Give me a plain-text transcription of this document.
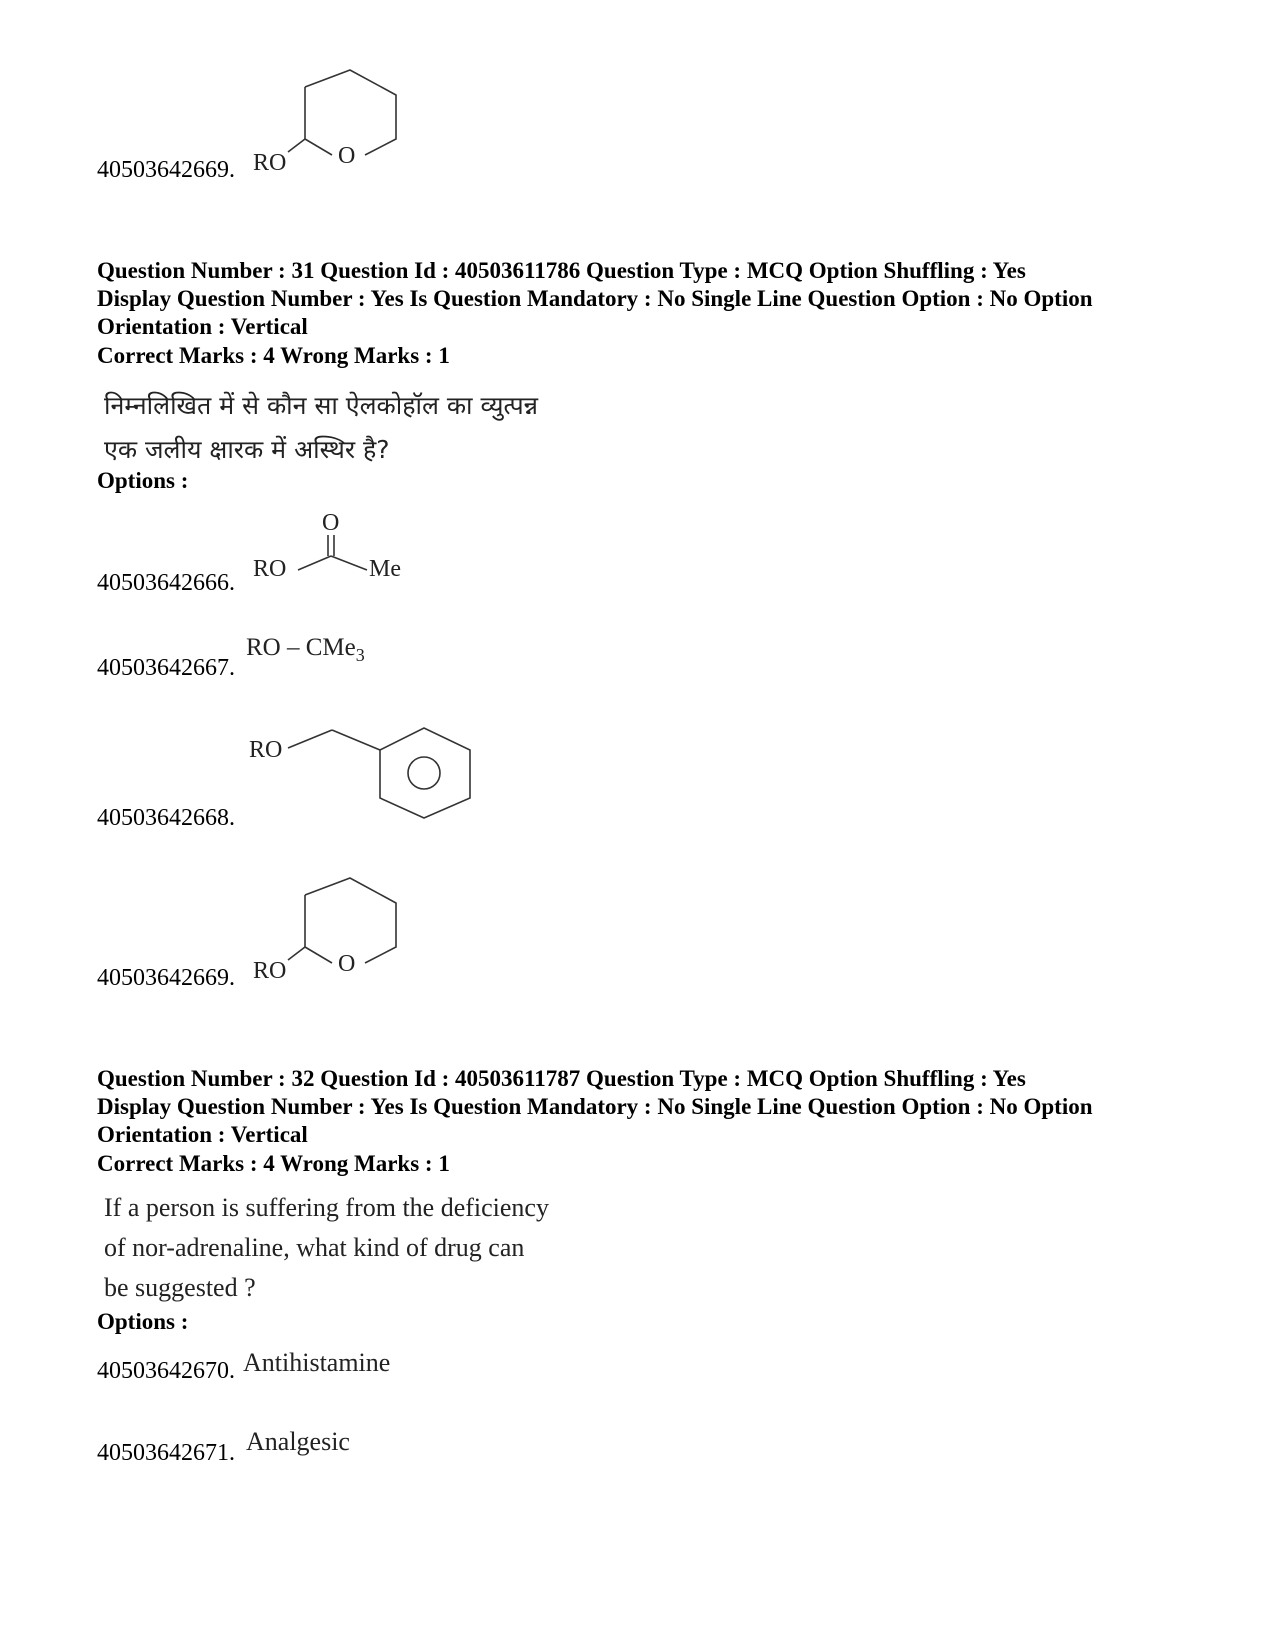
40503642669.
O
RO
Question Number : 31 Question Id : 40503611786 Question Type : MCQ Option Shuffling : Yes
Display Question Number : Yes Is Question Mandatory : No Single Line Question Option : No Option
Orientation : Vertical
Correct Marks : 4 Wrong Marks : 1
निम्नलिखित में से कौन सा ऐलकोहॉल का व्युत्पन्न
एक जलीय क्षारक में अस्थिर है?
Options :
40503642666.
O
RO	Me
40503642667.
RO – CMe$_3$
40503642668.
RO
40503642669.
O
RO
Question Number : 32 Question Id : 40503611787 Question Type : MCQ Option Shuffling : Yes
Display Question Number : Yes Is Question Mandatory : No Single Line Question Option : No Option
Orientation : Vertical
Correct Marks : 4 Wrong Marks : 1
If a person is suffering from the deficiency
of nor-adrenaline, what kind of drug can
be suggested ?
Options :
40503642670. Antihistamine
40503642671. Analgesic
